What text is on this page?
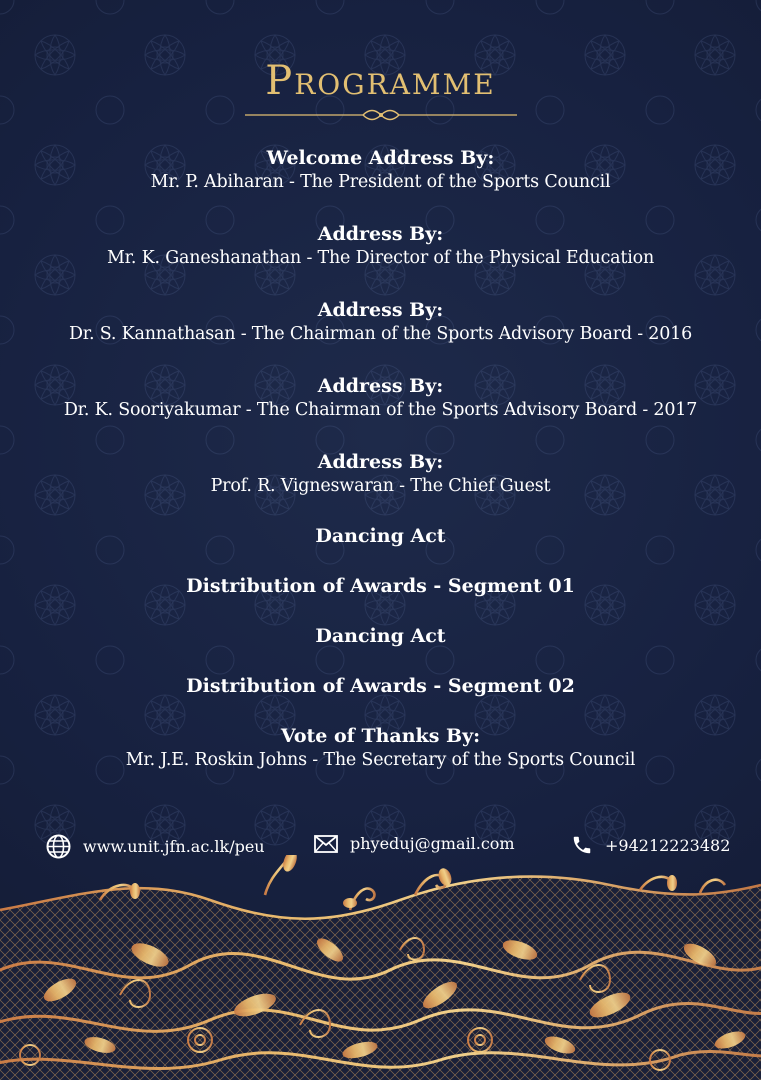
Programme
Welcome Address By:
Mr. P. Abiharan - The President of the Sports Council
Address By:
Mr. K. Ganeshanathan - The Director of the Physical Education
Address By:
Dr. S. Kannathasan - The Chairman of the Sports Advisory Board - 2016
Address By:
Dr. K. Sooriyakumar - The Chairman of the Sports Advisory Board - 2017
Address By:
Prof. R. Vigneswaran - The Chief Guest
Dancing Act
Distribution of Awards - Segment 01
Dancing Act
Distribution of Awards - Segment 02
Vote of Thanks By:
Mr. J.E. Roskin Johns - The Secretary of the Sports Council
www.unit.jfn.ac.lk/peu	phyeduj@gmail.com	+94212223482
